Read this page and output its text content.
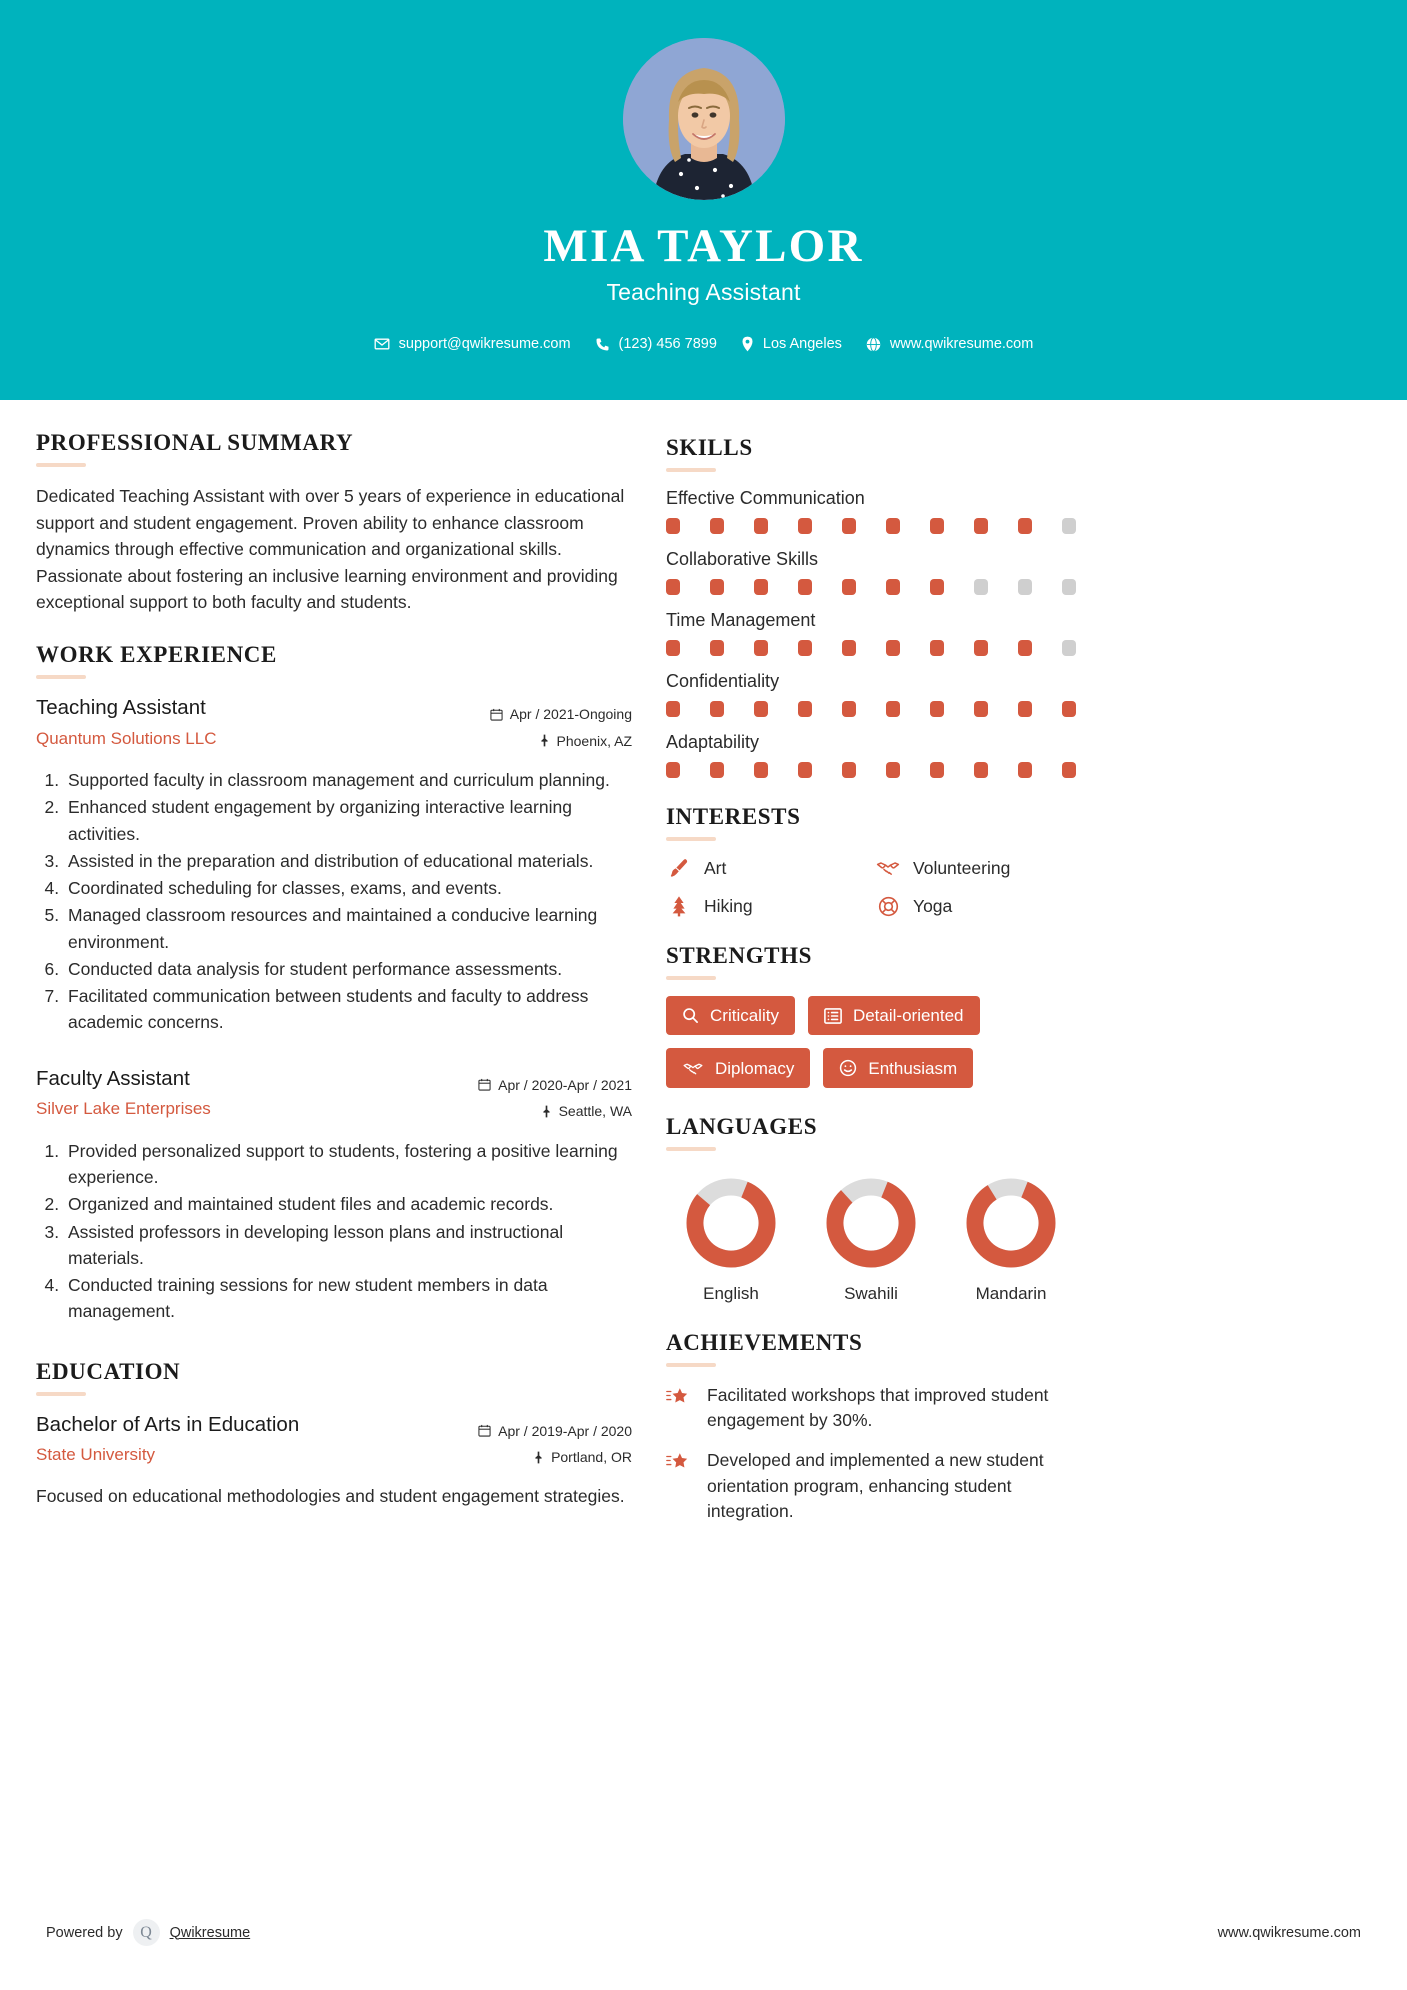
MIA TAYLOR
Teaching Assistant
support@qwikresume.com	(123) 456 7899	Los Angeles	www.qwikresume.com
PROFESSIONAL SUMMARY
Dedicated Teaching Assistant with over 5 years of experience in educational support and student engagement. Proven ability to enhance classroom dynamics through effective communication and organizational skills. Passionate about fostering an inclusive learning environment and providing exceptional support to both faculty and students.
WORK EXPERIENCE
Teaching Assistant
Quantum Solutions LLC
Apr / 2021-Ongoing
Phoenix, AZ
1. Supported faculty in classroom management and curriculum planning.
2. Enhanced student engagement by organizing interactive learning activities.
3. Assisted in the preparation and distribution of educational materials.
4. Coordinated scheduling for classes, exams, and events.
5. Managed classroom resources and maintained a conducive learning environment.
6. Conducted data analysis for student performance assessments.
7. Facilitated communication between students and faculty to address academic concerns.
Faculty Assistant
Silver Lake Enterprises
Apr / 2020-Apr / 2021
Seattle, WA
1. Provided personalized support to students, fostering a positive learning experience.
2. Organized and maintained student files and academic records.
3. Assisted professors in developing lesson plans and instructional materials.
4. Conducted training sessions for new student members in data management.
EDUCATION
Bachelor of Arts in Education
State University
Apr / 2019-Apr / 2020
Portland, OR
Focused on educational methodologies and student engagement strategies.
SKILLS
Effective Communication
Collaborative Skills
Time Management
Confidentiality
Adaptability
INTERESTS
Art	Volunteering
Hiking	Yoga
STRENGTHS
Criticality	Detail-oriented
Diplomacy	Enthusiasm
LANGUAGES
English	Swahili	Mandarin
ACHIEVEMENTS
Facilitated workshops that improved student engagement by 30%.
Developed and implemented a new student orientation program, enhancing student integration.
Powered by	Q	Qwikresume	www.qwikresume.com
